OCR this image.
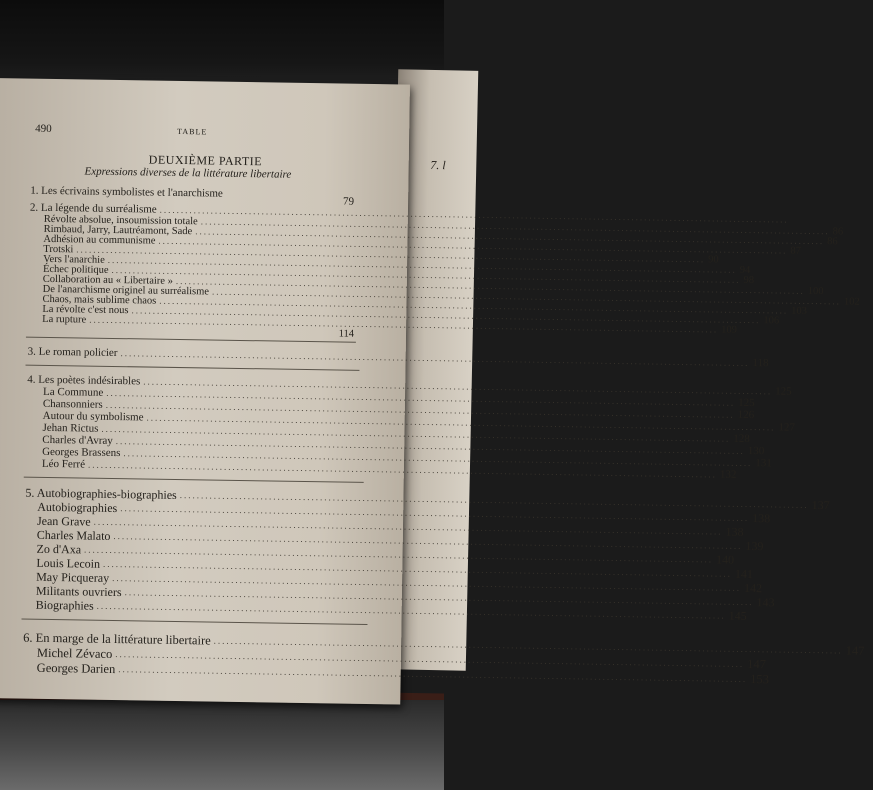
7. l
490	TABLE
DEUXIÈME PARTIE
Expressions diverses de la littérature libertaire
1. Les écrivains symbolistes et l'anarchisme
79
2. La légende du surréalisme
.....
Révolte absolue, insoumission totale
.....
86
Rimbaud, Jarry, Lautréamont, Sade
.....
86
Adhésion au communisme
.....
87
Trotski
.....
90
Vers l'anarchie
.....
94
Échec politique
.....
98
Collaboration au « Libertaire »
.....
100
De l'anarchisme originel au surréalisme
.....
102
Chaos, mais sublime chaos
.....
103
La révolte c'est nous
.....
106
La rupture
.....
109
114
3. Le roman policier
.....
118
4. Les poètes indésirables
.....
125
La Commune
.....
125
Chansonniers
.....
126
Autour du symbolisme
.....
127
Jehan Rictus
.....
128
Charles d'Avray
.....
130
Georges Brassens
.....
131
Léo Ferré
.....
132
5. Autobiographies-biographies
.....
137
Autobiographies
.....
138
Jean Grave
.....
138
Charles Malato
.....
139
Zo d'Axa
.....
140
Louis Lecoin
.....
141
May Picqueray
.....
142
Militants ouvriers
.....
143
Biographies
.....
145
6. En marge de la littérature libertaire
.....
147
Michel Zévaco
.....
147
Georges Darien
.....
153
